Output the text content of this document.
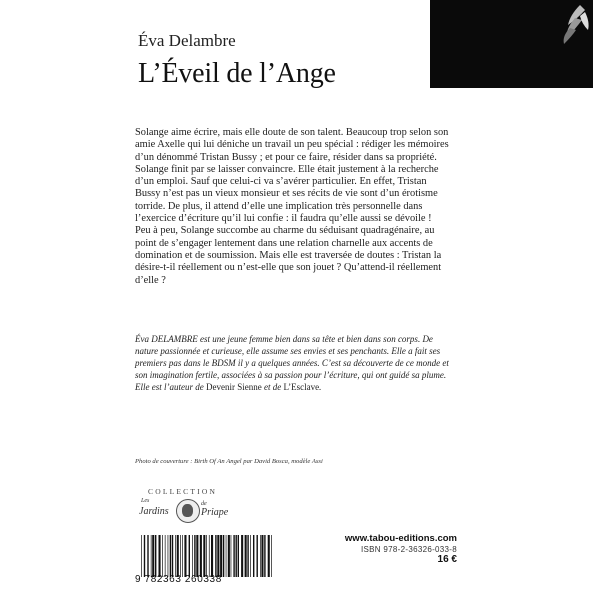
Éva Delambre
L’Éveil de l’Ange

Solange aime écrire, mais elle doute de son talent. Beaucoup trop selon son amie Axelle qui lui déniche un travail un peu spécial : rédiger les mémoires d’un dénommé Tristan Bussy ; et pour ce faire, résider dans sa propriété.

Solange finit par se laisser convaincre. Elle était justement à la recherche d’un emploi. Sauf que celui-ci va s’avérer particulier. En effet, Tristan Bussy n’est pas un vieux monsieur et ses récits de vie sont d’un érotisme torride. De plus, il attend d’elle une implication très personnelle dans l’exercice d’écriture qu’il lui confie : il faudra qu’elle aussi se dévoile !

Peu à peu, Solange succombe au charme du séduisant quadragénaire, au point de s’engager lentement dans une relation charnelle aux accents de domination et de soumission. Mais elle est traversée de doutes : Tristan la désire-t-il réellement ou n’est-elle que son jouet ? Qu’attend-il réellement d’elle ?

Éva DELAMBRE est une jeune femme bien dans sa tête et bien dans son corps. De nature passionnée et curieuse, elle assume ses envies et ses penchants. Elle a fait ses premiers pas dans le BDSM il y a quelques années. C’est sa découverte de ce monde et son imagination fertile, associées à sa passion pour l’écriture, qui ont guidé sa plume. Elle est l’auteur de Devenir Sienne et de L’Esclave.

Photo de couverture : Birth Of An Angel par David Bosca, modèle Assi
COLLECTION
Les
Jardins
de
Priape
9 782363 260338
www.tabou-editions.com
ISBN 978-2-36326-033-8
16 €
